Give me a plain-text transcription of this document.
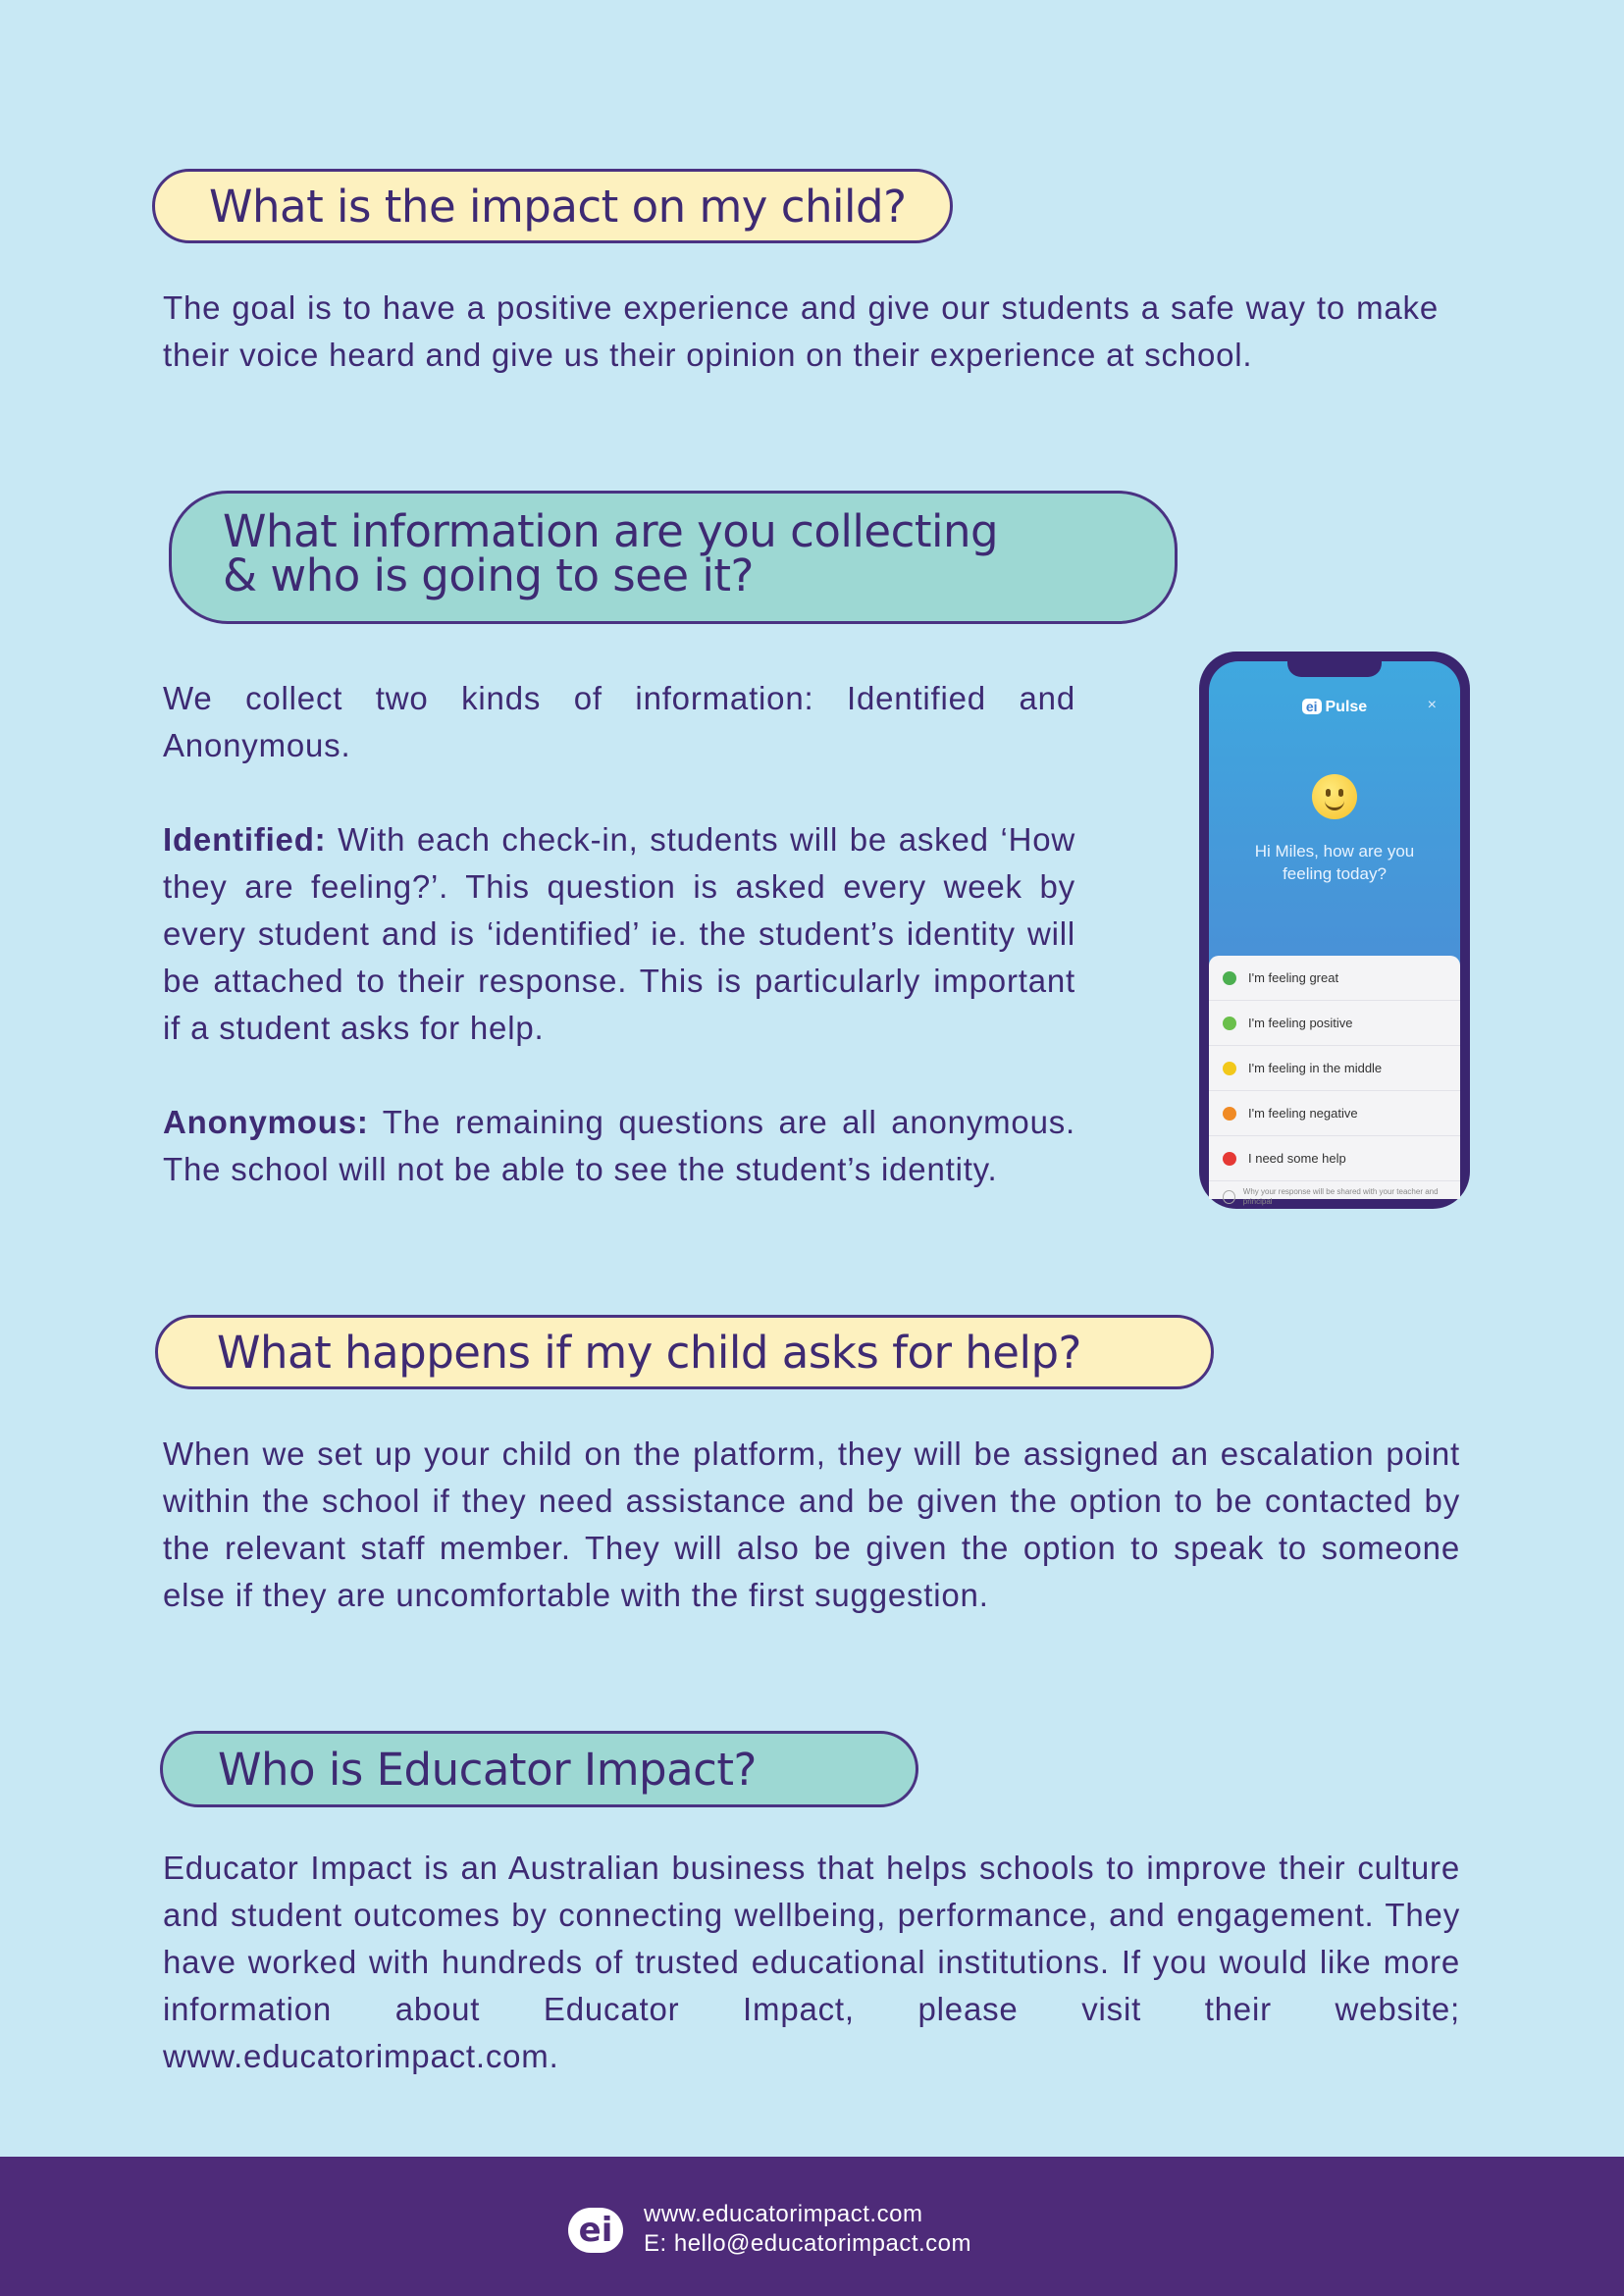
What is the impact on my child?

The goal is to have a positive experience and give our students a safe way to make their voice heard and give us their opinion on their experience at school.

What information are you collecting
& who is going to see it?

We collect two kinds of information: Identified and Anonymous.

Identified: With each check-in, students will be asked ‘How they are feeling?’. This question is asked every week by every student and is ‘identified’ ie. the student’s identity will be attached to their response. This is particularly important if a student asks for help.

Anonymous: The remaining questions are all anonymous. The school will not be able to see the student’s identity.

ei Pulse	×
Hi Miles, how are you feeling today?
I'm feeling great
I'm feeling positive
I'm feeling in the middle
I'm feeling negative
I need some help
Why your response will be shared with your teacher and principal
What happens if my child asks for help?

When we set up your child on the platform, they will be assigned an escalation point within the school if they need assistance and be given the option to be contacted by the relevant staff member. They will also be given the option to speak to someone else if they are uncomfortable with the first suggestion.

Who is Educator Impact?

Educator Impact is an Australian business that helps schools to improve their culture and student outcomes by connecting wellbeing, performance, and engagement. They have worked with hundreds of trusted educational institutions. If you would like more information about Educator Impact, please visit their website; www.educatorimpact.com.

ei	www.educatorimpact.com
E: hello@educatorimpact.com
